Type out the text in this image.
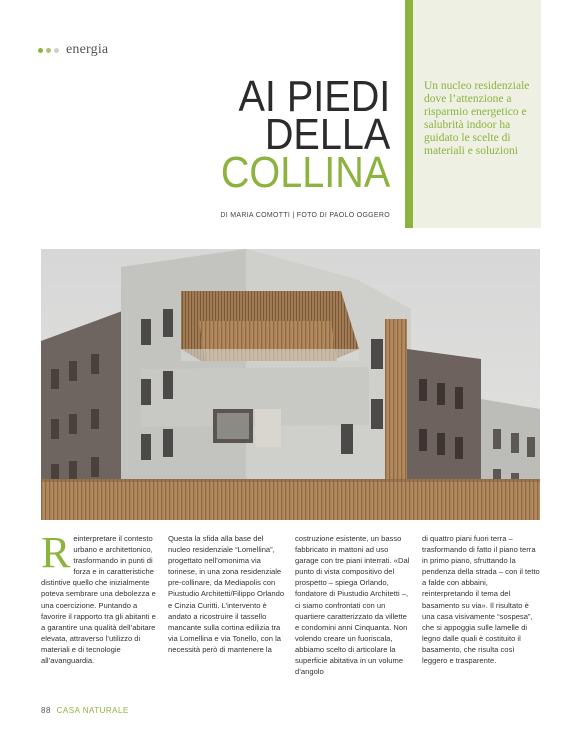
energia
Un nucleo residenziale dove l’attenzione a risparmio energetico e salubrità indoor ha guidato le scelte di materiali e soluzioni
AI PIEDI
DELLA
COLLINA
DI MARIA COMOTTI | FOTO DI PAOLO OGGERO
R einterpretare il contesto urbano e architettonico, trasformando in punti di forza e in caratteristiche distintive quello che inizialmente poteva sembrare una debolezza e una coercizione. Puntando a favorire il rapporto tra gli abitanti e a garantire una qualità dell’abitare elevata, attraverso l’utilizzo di materiali e di tecnologie all’avanguardia.

Questa la sfida alla base del nucleo residenziale “Lomellina”, progettato nell’omonima via torinese, in una zona residenziale pre-collinare, da Mediapolis con Piustudio Architetti/Filippo Orlando e Cinzia Curitti. L’intervento è andato a ricostruire il tassello mancante sulla cortina edilizia tra via Lomellina e via Tonello, con la necessità però di mantenere la

costruzione esistente, un basso fabbricato in mattoni ad uso garage con tre piani interrati. «Dal punto di vista compositivo del prospetto – spiega Orlando, fondatore di Piustudio Architetti –, ci siamo confrontati con un quartiere caratterizzato da villette e condomini anni Cinquanta. Non volendo creare un fuoriscala, abbiamo scelto di articolare la superficie abitativa in un volume d’angolo

di quattro piani fuori terra – trasformando di fatto il piano terra in primo piano, sfruttando la pendenza della strada – con il tetto a falde con abbaini, reinterpretando il tema del basamento su via». Il risultato è una casa visivamente “sospesa”, che si appoggia sulle lamelle di legno dalle quali è costituito il basamento, che risulta così leggero e trasparente.

88 CASA NATURALE
